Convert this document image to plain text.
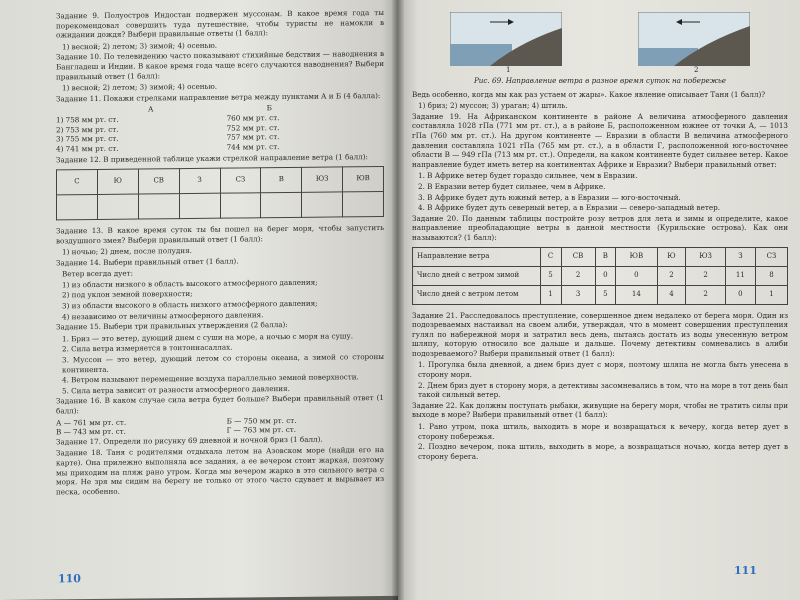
Задание 9. Полуостров Индостан подвержен муссонам. В какое время года ты порекомендовал совершить туда путешествие, чтобы туристы не намокли в ожидании дождя? Выбери правильные ответы (1 балл):

1) весной; 2) летом; 3) зимой; 4) осенью.

Задание 10. По телевидению часто показывают стихийные бедствия — наводнения в Бангладеш и Индии. В какое время года чаще всего случаются наводнения? Выбери правильный ответ (1 балл):

1) весной; 2) летом; 3) зимой; 4) осенью.

Задание 11. Покажи стрелками направление ветра между пунктами А и Б (4 балла):

А	Б
1) 758 мм рт. ст.	760 мм рт. ст.
2) 753 мм рт. ст.	752 мм рт. ст.
3) 755 мм рт. ст.	757 мм рт. ст.
4) 741 мм рт. ст.	744 мм рт. ст.

Задание 12. В приведенной таблице укажи стрелкой направление ветра (1 балл):

С	Ю	СВ	З	СЗ	В	ЮЗ	ЮВ

Задание 13. В какое время суток ты бы пошел на берег моря, чтобы запустить воздушного змея? Выбери правильный ответ (1 балл):

1) ночью; 2) днем, после полудня.

Задание 14. Выбери правильный ответ (1 балл).

Ветер всегда дует:

1) из области низкого в область высокого атмосферного давления;

2) под уклон земной поверхности;

3) из области высокого в область низкого атмосферного давления;

4) независимо от величины атмосферного давления.

Задание 15. Выбери три правильных утверждения (2 балла):

1. Бриз — это ветер, дующий днем с суши на море, а ночью с моря на сушу.

2. Сила ветра измеряется в тонтоннасаллах.

3. Муссон — это ветер, дующий летом со стороны океана, а зимой со стороны континента.

4. Ветром называют перемещение воздуха параллельно земной поверхности.

5. Сила ветра зависит от разности атмосферного давления.

Задание 16. В каком случае сила ветра будет больше? Выбери правильный ответ (1 балл):

А — 761 мм рт. ст.	Б — 750 мм рт. ст.
В — 743 мм рт. ст.	Г — 763 мм рт. ст.

Задание 17. Определи по рисунку 69 дневной и ночной бриз (1 балл).

Задание 18. Таня с родителями отдыхала летом на Азовском море (найди его на карте). Она прилежно выполняла все задания, а ее вечером стоит жаркая, поэтому мы приходим на пляж рано утром. Когда мы вечером жарко в это сильного ветра с моря. Не зря мы сидим на берегу не только от этого часто сдувает и вырывает из песка, особенно.

110
1	2

Рис. 69. Направление ветра в разное время суток на побережье

Ведь особенно, когда мы как раз устаем от жары». Какое явление описывает Таня (1 балл)?

1) бриз; 2) муссон; 3) ураган; 4) штиль.

Задание 19. На Африканском континенте в районе А величина атмосферного давления составляла 1028 гПа (771 мм рт. ст.), а в районе Б, расположенном южнее от точки А, — 1013 гПа (760 мм рт. ст.). На другом континенте — Евразии в области В величина атмосферного давления составляла 1021 гПа (765 мм рт. ст.), а в области Г, расположенной юго-восточнее области В — 949 гПа (713 мм рт. ст.). Определи, на каком континенте будет сильнее ветер. Какое направление будет иметь ветер на континентах Африке и Евразии? Выбери правильный ответ:

1. В Африке ветер будет гораздо сильнее, чем в Евразии.

2. В Евразии ветер будет сильнее, чем в Африке.

3. В Африке будет дуть южный ветер, а в Евразии — юго-восточный.

4. В Африке будет дуть северный ветер, а в Евразии — северо-западный ветер.

Задание 20. По данным таблицы постройте розу ветров для лета и зимы и определите, какое направление преобладающие ветры в данной местности (Курильские острова). Как они называются? (1 балл):

Направление ветра	С	СВ	В	ЮВ	Ю	ЮЗ	З	СЗ
Число дней с ветром зимой	5	2	0	0	2	2	11	8
Число дней с ветром летом	1	3	5	14	4	2	0	1

Задание 21. Расследовалось преступление, совершенное днем недалеко от берега моря. Один из подозреваемых настаивал на своем алиби, утверждая, что в момент совершения преступления гулял по набережной моря и затратил весь день, пытаясь достать из воды унесенную ветром шляпу, которую относило все дальше и дальше. Почему детективы сомневались в алиби подозреваемого? Выбери правильный ответ (1 балл):

1. Прогулка была дневной, а днем бриз дует с моря, поэтому шляпа не могла быть унесена в сторону моря.

2. Днем бриз дует в сторону моря, а детективы засомневались в том, что на море в тот день был такой сильный ветер.

Задание 22. Как должны поступать рыбаки, живущие на берегу моря, чтобы не тратить силы при выходе в море? Выбери правильный ответ (1 балл):

1. Рано утром, пока штиль, выходить в море и возвращаться к вечеру, когда ветер дует в сторону побережья.

2. Поздно вечером, пока штиль, выходить в море, а возвращаться ночью, когда ветер дует в сторону берега.

111
